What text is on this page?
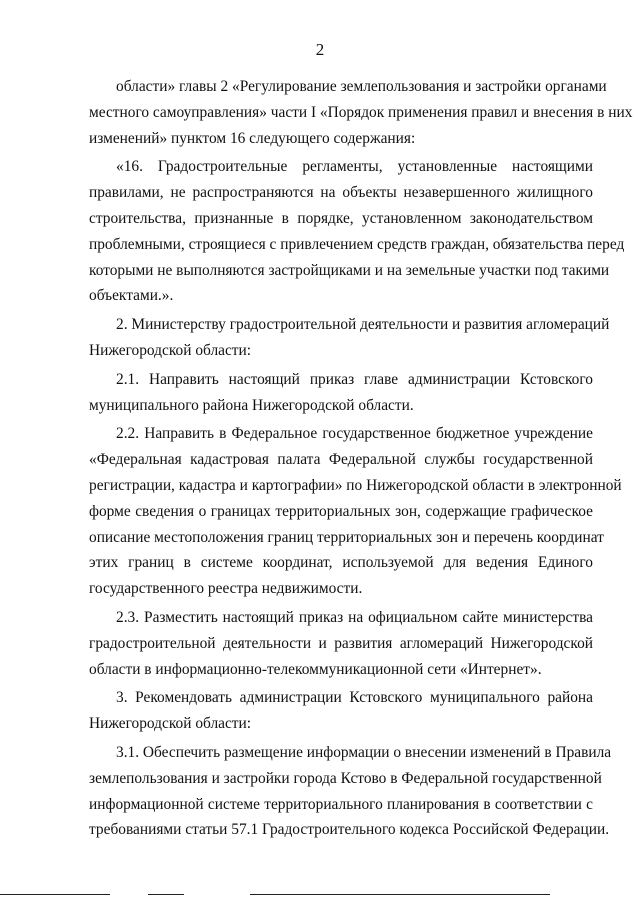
2
области» главы 2 «Регулирование землепользования и застройки органами
местного самоуправления» части I «Порядок применения правил и внесения в них
изменений» пунктом 16 следующего содержания:
«16. Градостроительные регламенты, установленные настоящими
правилами, не распространяются на объекты незавершенного жилищного
строительства, признанные в порядке, установленном законодательством
проблемными, строящиеся с привлечением средств граждан, обязательства перед
которыми не выполняются застройщиками и на земельные участки под такими
объектами.».
2. Министерству градостроительной деятельности и развития агломераций
Нижегородской области:
2.1. Направить настоящий приказ главе администрации Кстовского
муниципального района Нижегородской области.
2.2. Направить в Федеральное государственное бюджетное учреждение
«Федеральная кадастровая палата Федеральной службы государственной
регистрации, кадастра и картографии» по Нижегородской области в электронной
форме сведения о границах территориальных зон, содержащие графическое
описание местоположения границ территориальных зон и перечень координат
этих границ в системе координат, используемой для ведения Единого
государственного реестра недвижимости.
2.3. Разместить настоящий приказ на официальном сайте министерства
градостроительной деятельности и развития агломераций Нижегородской
области в информационно-телекоммуникационной сети «Интернет».
3. Рекомендовать администрации Кстовского муниципального района
Нижегородской области:
3.1. Обеспечить размещение информации о внесении изменений в Правила
землепользования и застройки города Кстово в Федеральной государственной
информационной системе территориального планирования в соответствии с
требованиями статьи 57.1 Градостроительного кодекса Российской Федерации.
